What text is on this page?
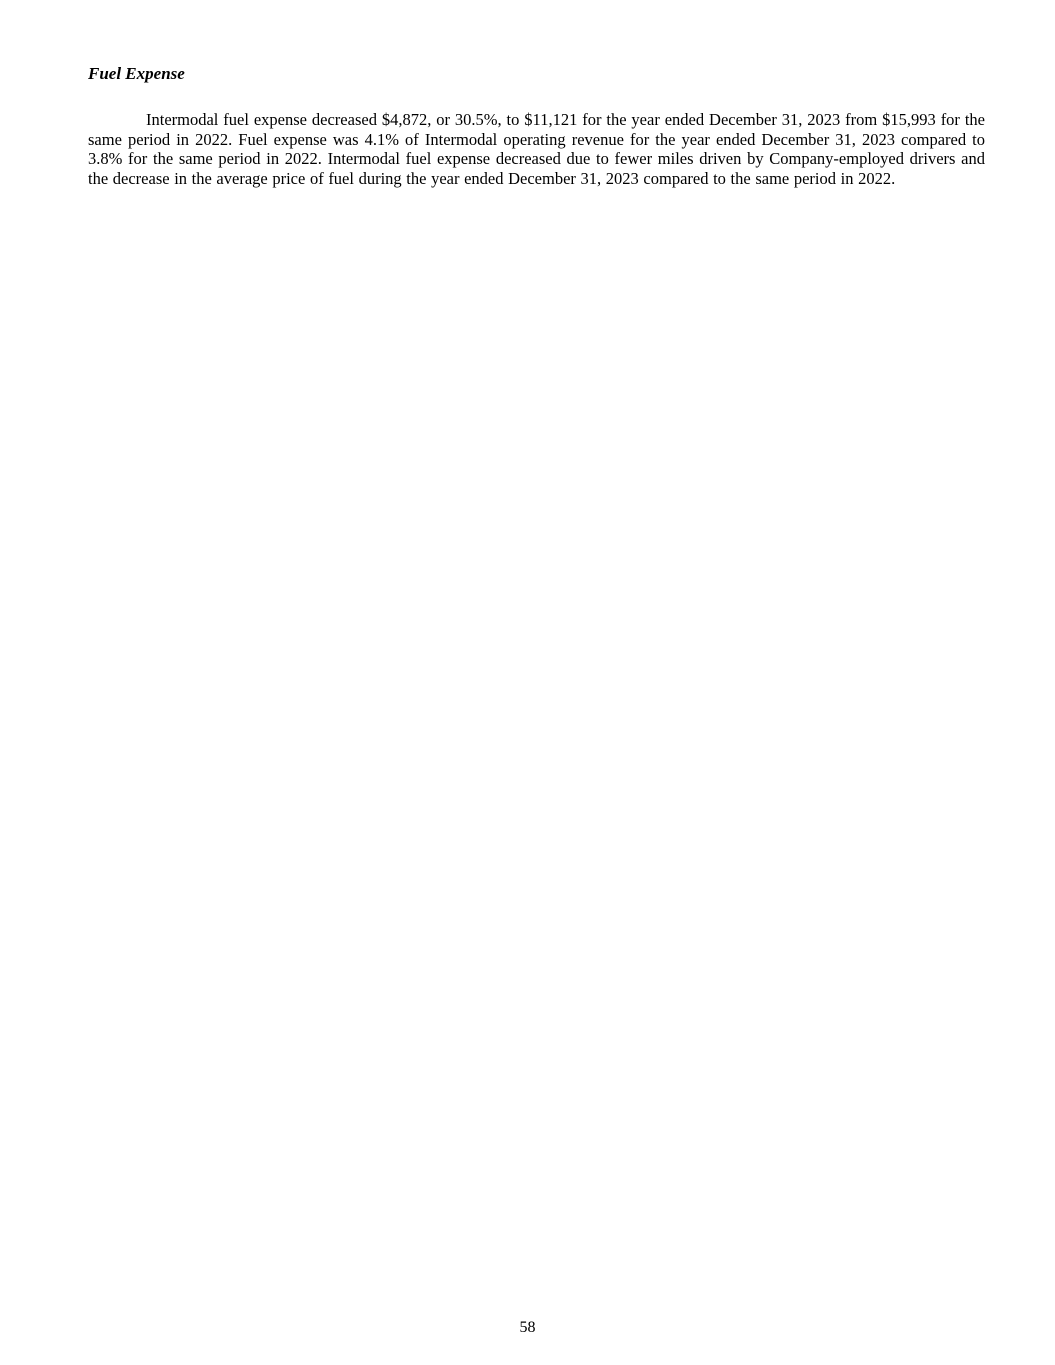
Fuel Expense

Intermodal fuel expense decreased $4,872, or 30.5%, to $11,121 for the year ended December 31, 2023 from $15,993 for the same period in 2022. Fuel expense was 4.1% of Intermodal operating revenue for the year ended December 31, 2023 compared to 3.8% for the same period in 2022. Intermodal fuel expense decreased due to fewer miles driven by Company-employed drivers and the decrease in the average price of fuel during the year ended December 31, 2023 compared to the same period in 2022.

58
